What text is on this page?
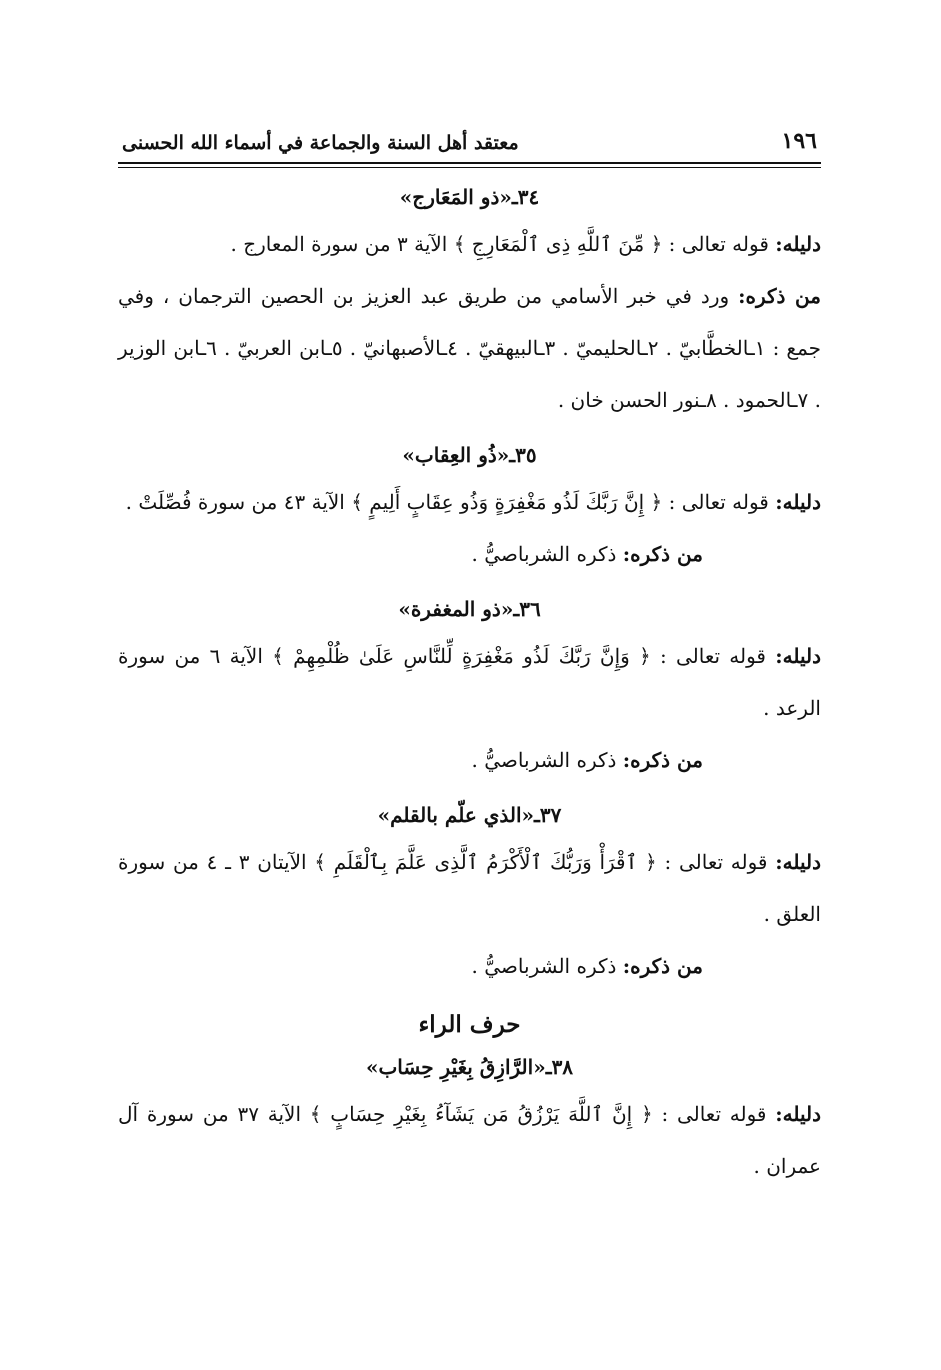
١٩٦
معتقد أهل السنة والجماعة في أسماء الله الحسنى
٣٤ـ«ذو المَعَارج»

دليله: قوله تعالى : ﴿ مِّنَ ٱللَّهِ ذِى ٱلْمَعَارِجِ ﴾ الآية ٣ من سورة المعارج .

من ذكره: ورد في خبر الأسامي من طريق عبد العزيز بن الحصين الترجمان ، وفي جمع : ١ـالخطَّابيّ . ٢ـالحليميّ . ٣ـالبيهقيّ . ٤ـالأصبهانيّ . ٥ـابن العربيّ . ٦ـابن الوزير . ٧ـالحمود . ٨ـنور الحسن خان .

٣٥ـ«ذُو العِقاب»

دليله: قوله تعالى : ﴿ إِنَّ رَبَّكَ لَذُو مَغْفِرَةٍ وَذُو عِقَابٍ أَلِيمٍ ﴾ الآية ٤٣ من سورة فُصِّلَتْ .

من ذكره: ذكره الشرباصيُّ .

٣٦ـ«ذو المغفرة»

دليله: قوله تعالى : ﴿ وَإِنَّ رَبَّكَ لَذُو مَغْفِرَةٍ لِّلنَّاسِ عَلَىٰ ظُلْمِهِمْ ﴾ الآية ٦ من سورة الرعد .

من ذكره: ذكره الشرباصيُّ .

٣٧ـ«الذي علّم بالقلم»

دليله: قوله تعالى : ﴿ ٱقْرَأْ وَرَبُّكَ ٱلْأَكْرَمُ ٱلَّذِى عَلَّمَ بِٱلْقَلَمِ ﴾ الآيتان ٣ ـ ٤ من سورة العلق .

من ذكره: ذكره الشرباصيُّ .

حرف الراء
٣٨ـ«الرَّازِقُ بِغَيْرِ حِسَاب»

دليله: قوله تعالى : ﴿ إِنَّ ٱللَّهَ يَرْزُقُ مَن يَشَآءُ بِغَيْرِ حِسَابٍ ﴾ الآية ٣٧ من سورة آل عمران .
